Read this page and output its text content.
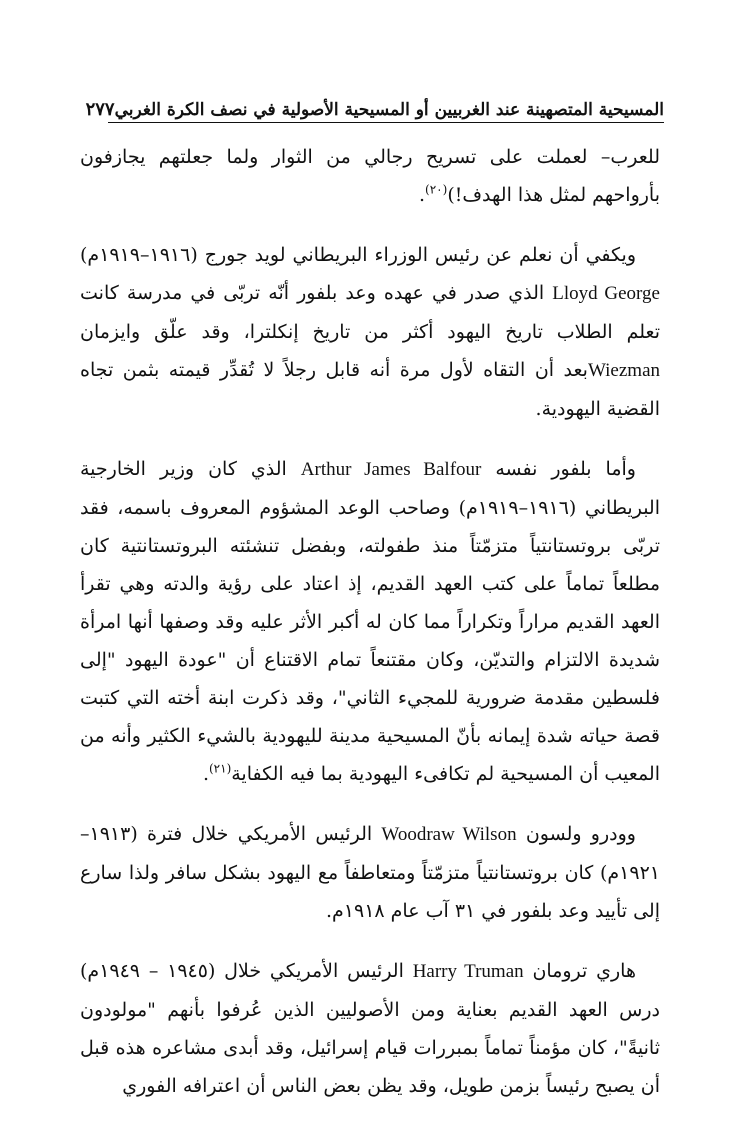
المسيحية المتصهينة عند الغربيين أو المسيحية الأصولية في نصف الكرة الغربي
٢٧٧

للعرب– لعملت على تسريح رجالي من الثوار ولما جعلتهم يجازفون بأرواحهم لمثل هذا الهدف!)$^{(٢٠)}$.

ويكفي أن نعلم عن رئيس الوزراء البريطاني لويد جورج (١٩١٦–١٩١٩م) Lloyd George الذي صدر في عهده وعد بلفور أنّه تربّى في مدرسة كانت تعلم الطلاب تاريخ اليهود أكثر من تاريخ إنكلترا، وقد علّق وايزمان Wiezmanبعد أن التقاه لأول مرة أنه قابل رجلاً لا تُقدِّر قيمته بثمن تجاه القضية اليهودية.

وأما بلفور نفسه Arthur James Balfour الذي كان وزير الخارجية البريطاني (١٩١٦–١٩١٩م) وصاحب الوعد المشؤوم المعروف باسمه، فقد تربّى بروتستانتياً متزمّتاً منذ طفولته، وبفضل تنشئته البروتستانتية كان مطلعاً تماماً على كتب العهد القديم، إذ اعتاد على رؤية والدته وهي تقرأ العهد القديم مراراً وتكراراً مما كان له أكبر الأثر عليه وقد وصفها أنها امرأة شديدة الالتزام والتديّن، وكان مقتنعاً تمام الاقتناع أن "عودة اليهود "إلى فلسطين مقدمة ضرورية للمجيء الثاني"، وقد ذكرت ابنة أخته التي كتبت قصة حياته شدة إيمانه بأنّ المسيحية مدينة لليهودية بالشيء الكثير وأنه من المعيب أن المسيحية لم تكافىء اليهودية بما فيه الكفاية$^{(٢١)}$.

وودرو ولسون Woodraw Wilson الرئيس الأمريكي خلال فترة (١٩١٣–١٩٢١م) كان بروتستانتياً متزمّتاً ومتعاطفاً مع اليهود بشكل سافر ولذا سارع إلى تأييد وعد بلفور في ٣١ آب عام ١٩١٨م.

هاري ترومان Harry Truman الرئيس الأمريكي خلال (١٩٤٥ – ١٩٤٩م) درس العهد القديم بعناية ومن الأصوليين الذين عُرفوا بأنهم "مولودون ثانيةً"، كان مؤمناً تماماً بمبررات قيام إسرائيل، وقد أبدى مشاعره هذه قبل أن يصبح رئيساً بزمن طويل، وقد يظن بعض الناس أن اعترافه الفوري
